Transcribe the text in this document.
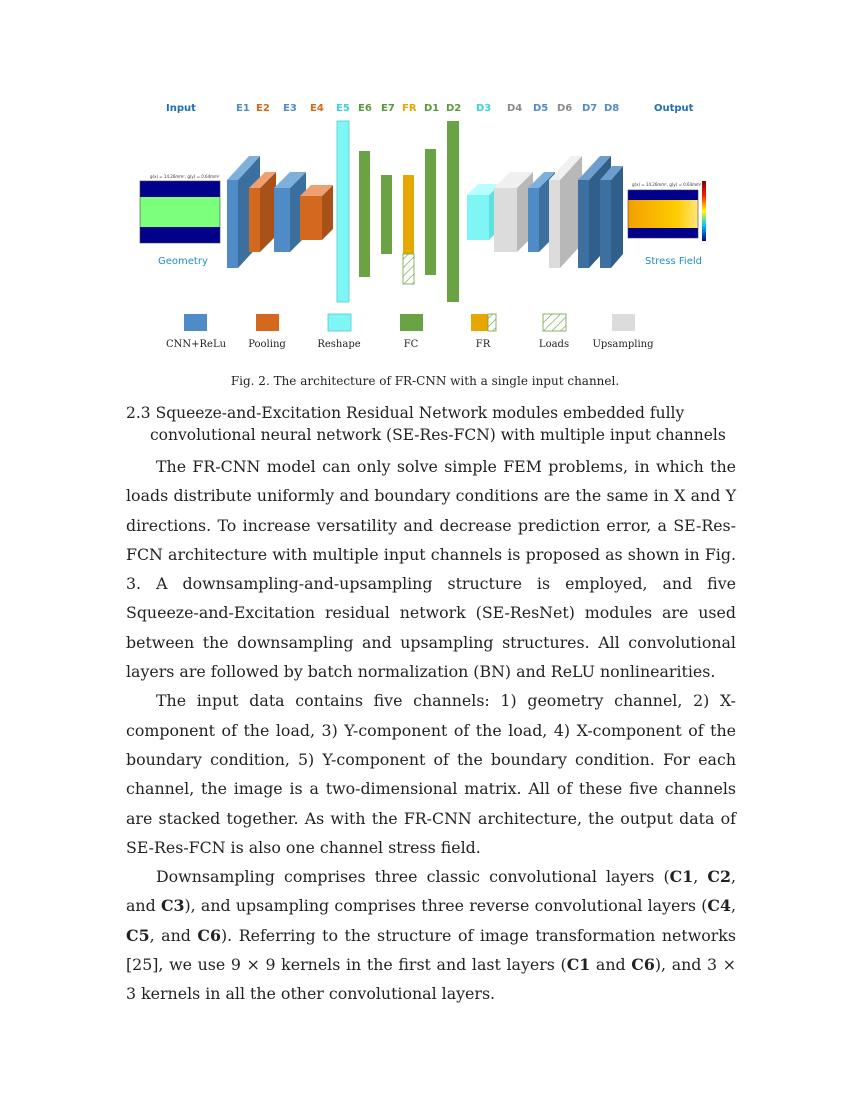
Input	E1 E2 E3 E4 E5 E6 E7 FR D1 D2 D3 D4 D5 D6 D7 D8	Output
g(x) = 14.26mm², g(y) = 0.64mm²
g(x) = 14.26mm², g(y) = 0.64mm²
Geometry	Stress Field
CNN+ReLu Pooling	Reshape	FC	FR	Loads Upsampling
Fig. 2. The architecture of FR-CNN with a single input channel.
2.3 Squeeze-and-Excitation Residual Network modules embedded fully
convolutional neural network (SE-Res-FCN) with multiple input channels

The FR-CNN model can only solve simple FEM problems, in which the loads distribute uniformly and boundary conditions are the same in X and Y directions. To increase versatility and decrease prediction error, a SE-Res-FCN architecture with multiple input channels is proposed as shown in Fig. 3. A downsampling-and-upsampling structure is employed, and five Squeeze-and-Excitation residual network (SE-ResNet) modules are used between the downsampling and upsampling structures. All convolutional layers are followed by batch normalization (BN) and ReLU nonlinearities.

The input data contains five channels: 1) geometry channel, 2) X-component of the load, 3) Y-component of the load, 4) X-component of the boundary condition, 5) Y-component of the boundary condition. For each channel, the image is a two-dimensional matrix. All of these five channels are stacked together. As with the FR-CNN architecture, the output data of SE-Res-FCN is also one channel stress field.

Downsampling comprises three classic convolutional layers (C1, C2, and C3), and upsampling comprises three reverse convolutional layers (C4, C5, and C6). Referring to the structure of image transformation networks [25], we use 9 × 9 kernels in the first and last layers (C1 and C6), and 3 × 3 kernels in all the other convolutional layers.
